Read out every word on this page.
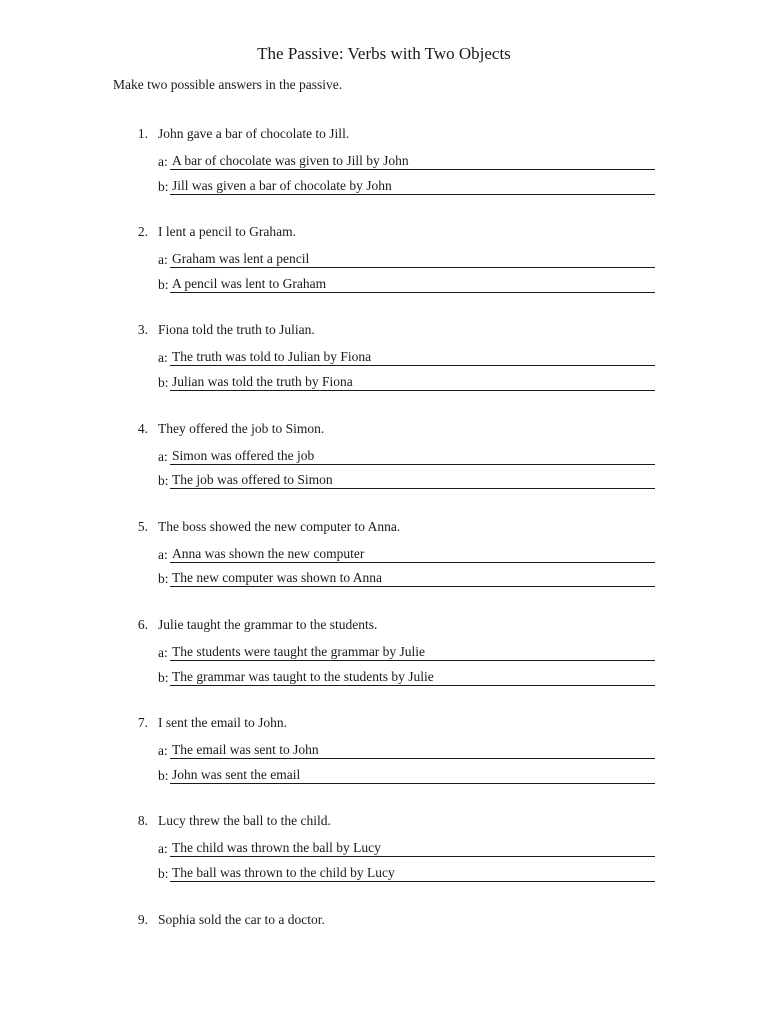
The Passive: Verbs with Two Objects
Make two possible answers in the passive.
1. John gave a bar of chocolate to Jill.
a: A bar of chocolate was given to Jill by John
b: Jill was given a bar of chocolate by John
2. I lent a pencil to Graham.
a: Graham was lent a pencil
b: A pencil was lent to Graham
3. Fiona told the truth to Julian.
a: The truth was told to Julian by Fiona
b: Julian was told the truth by Fiona
4. They offered the job to Simon.
a: Simon was offered the job
b: The job was offered to Simon
5. The boss showed the new computer to Anna.
a: Anna was shown the new computer
b: The new computer was shown to Anna
6. Julie taught the grammar to the students.
a: The students were taught the grammar by Julie
b: The grammar was taught to the students by Julie
7. I sent the email to John.
a: The email was sent to John
b: John was sent the email
8. Lucy threw the ball to the child.
a: The child was thrown the ball by Lucy
b: The ball was thrown to the child by Lucy
9. Sophia sold the car to a doctor.
